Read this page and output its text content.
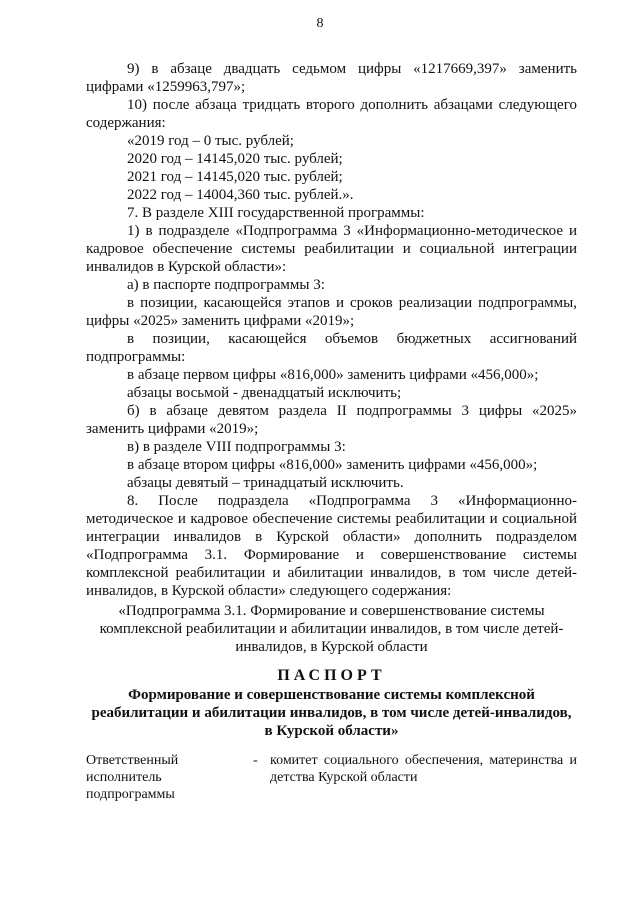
8
9) в абзаце двадцать седьмом цифры «1217669,397» заменить
цифрами «1259963,797»;
10) после абзаца тридцать второго дополнить абзацами следующего
содержания:
«2019 год – 0 тыс. рублей;
2020 год – 14145,020 тыс. рублей;
2021 год – 14145,020 тыс. рублей;
2022 год – 14004,360 тыс. рублей.».
7. В разделе XIII государственной программы:
1) в подразделе «Подпрограмма 3 «Информационно-методическое и
кадровое обеспечение системы реабилитации и социальной интеграции
инвалидов в Курской области»:
а) в паспорте подпрограммы 3:
в позиции, касающейся этапов и сроков реализации подпрограммы,
цифры «2025» заменить цифрами «2019»;
в позиции, касающейся объемов бюджетных ассигнований
подпрограммы:
в абзаце первом цифры «816,000» заменить цифрами «456,000»;
абзацы восьмой - двенадцатый исключить;
б) в абзаце девятом раздела II подпрограммы 3 цифры «2025»
заменить цифрами «2019»;
в) в разделе VIII подпрограммы 3:
в абзаце втором цифры «816,000» заменить цифрами «456,000»;
абзацы девятый – тринадцатый исключить.
8. После подраздела «Подпрограмма 3 «Информационно-
методическое и кадровое обеспечение системы реабилитации и социальной
интеграции инвалидов в Курской области» дополнить подразделом
«Подпрограмма 3.1. Формирование и совершенствование системы
комплексной реабилитации и абилитации инвалидов, в том числе детей-
инвалидов, в Курской области» следующего содержания:
«Подпрограмма 3.1. Формирование и совершенствование системы
комплексной реабилитации и абилитации инвалидов, в том числе детей-
инвалидов, в Курской области
ПАСПОРТ
Формирование и совершенствование системы комплексной
реабилитации и абилитации инвалидов, в том числе детей-инвалидов,
в Курской области»
Ответственный
исполнитель
подпрограммы
- комитет социального обеспечения, материнства и
детства Курской области
